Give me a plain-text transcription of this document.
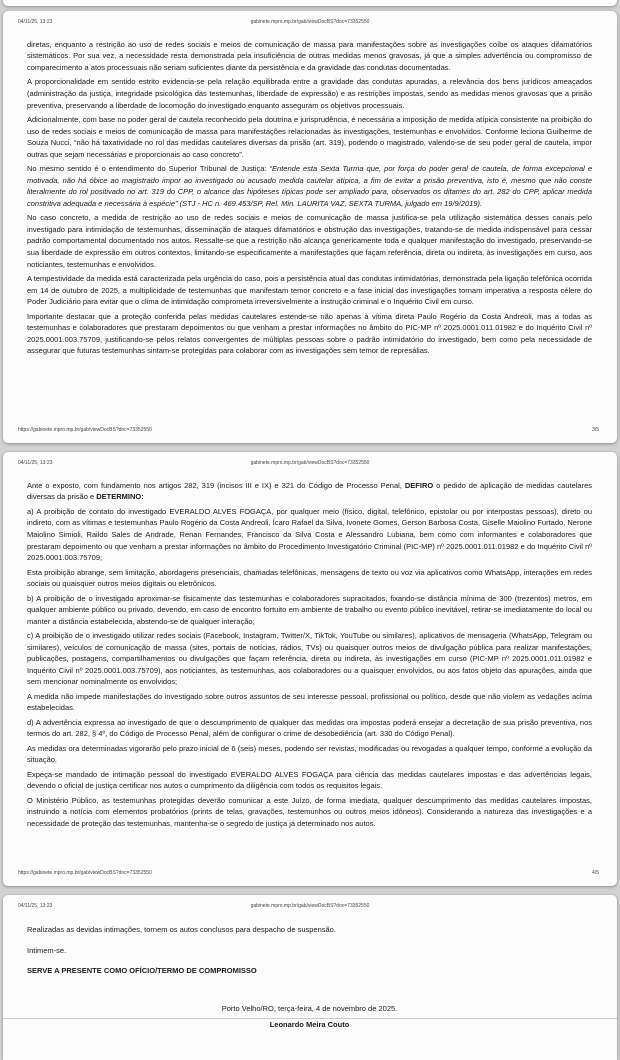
04/11/25, 13:23	gabinete.mpro.mp.br/gab/viewDocBS?doc=73352550

diretas, enquanto a restrição ao uso de redes sociais e meios de comunicação de massa para manifestações sobre as investigações coíbe os ataques difamatórios sistemáticos. Por sua vez, a necessidade resta demonstrada pela insuficiência de outras medidas menos gravosas, já que a simples advertência ou compromisso de comparecimento a atos processuais não seriam suficientes diante da persistência e da gravidade das condutas documentadas.

A proporcionalidade em sentido estrito evidencia-se pela relação equilibrada entre a gravidade das condutas apuradas, a relevância dos bens jurídicos ameaçados (administração da justiça, integridade psicológica das testemunhas, liberdade de expressão) e as restrições impostas, sendo as medidas menos gravosas que a prisão preventiva, preservando a liberdade de locomoção do investigado enquanto asseguram os objetivos processuais.

Adicionalmente, com base no poder geral de cautela reconhecido pela doutrina e jurisprudência, é necessária a imposição de medida atípica consistente na proibição do uso de redes sociais e meios de comunicação de massa para manifestações relacionadas às investigações, testemunhas e envolvidos. Conforme leciona Guilherme de Souza Nucci, “não há taxatividade no rol das medidas cautelares diversas da prisão (art. 319), podendo o magistrado, valendo-se de seu poder geral de cautela, impor outras que sejam necessárias e proporcionais ao caso concreto”.

No mesmo sentido é o entendimento do Superior Tribunal de Justiça: “Entende esta Sexta Turma que, por força do poder geral de cautela, de forma excepcional e motivada, não há óbice ao magistrado impor ao investigado ou acusado medida cautelar atípica, a fim de evitar a prisão preventiva, isto é, mesmo que não conste literalmente do rol positivado no art. 319 do CPP, o alcance das hipóteses típicas pode ser ampliado para, observados os ditames do art. 282 do CPP, aplicar medida constritiva adequada e necessária à espécie” (STJ - HC n. 469.453/SP, Rel. Min. LAURITA VAZ, SEXTA TURMA, julgado em 19/9/2019).

No caso concreto, a medida de restrição ao uso de redes sociais e meios de comunicação de massa justifica-se pela utilização sistemática desses canais pelo investigado para intimidação de testemunhas, disseminação de ataques difamatórios e obstrução das investigações, tratando-se de medida indispensável para cessar padrão comportamental documentado nos autos. Ressalte-se que a restrição não alcança genericamente toda e qualquer manifestação do investigado, preservando-se sua liberdade de expressão em outros contextos, limitando-se especificamente a manifestações que façam referência, direta ou indireta, às investigações em curso, aos noticiantes, testemunhas e envolvidos.

A tempestividade da medida está caracterizada pela urgência do caso, pois a persistência atual das condutas intimidatórias, demonstrada pela ligação telefônica ocorrida em 14 de outubro de 2025, a multiplicidade de testemunhas que manifestam temor concreto e a fase inicial das investigações tornam imperativa a resposta célere do Poder Judiciário para evitar que o clima de intimidação comprometa irreversivelmente a instrução criminal e o Inquérito Civil em curso.

Importante destacar que a proteção conferida pelas medidas cautelares estende-se não apenas à vítima direta Paulo Rogério da Costa Andreoli, mas a todas as testemunhas e colaboradores que prestaram depoimentos ou que venham a prestar informações no âmbito do PIC-MP nº 2025.0001.011.01982 e do Inquérito Civil nº 2025.0001.003.75709, justificando-se pelos relatos convergentes de múltiplas pessoas sobre o padrão intimidatório do investigado, bem como pela necessidade de assegurar que futuras testemunhas sintam-se protegidas para colaborar com as investigações sem temor de represálias.

https://gabinete.mpro.mp.br/gab/viewDocBS?doc=73352550	3/5
04/11/25, 13:23	gabinete.mpro.mp.br/gab/viewDocBS?doc=73352550

Ante o exposto, com fundamento nos artigos 282, 319 (incisos III e IX) e 321 do Código de Processo Penal, DEFIRO o pedido de aplicação de medidas cautelares diversas da prisão e DETERMINO:

a) A proibição de contato do investigado EVERALDO ALVES FOGAÇA, por qualquer meio (físico, digital, telefônico, epistolar ou por interpostas pessoas), direto ou indireto, com as vítimas e testemunhas Paulo Rogério da Costa Andreoli, Ícaro Rafael da Silva, Ivonete Gomes, Gerson Barbosa Costa, Giselle Maiolino Furtado, Nerone Maiolino Simioli, Raildo Sales de Andrade, Renan Fernandes, Francisco da Silva Costa e Alessandro Lubiana, bem como com informantes e colaboradores que prestaram depoimento ou que venham a prestar informações no âmbito do Procedimento Investigatório Criminal (PIC-MP) nº 2025.0001.011.01982 e do Inquérito Civil nº 2025.0001.003.75709;

Esta proibição abrange, sem limitação, abordagens presenciais, chamadas telefônicas, mensagens de texto ou voz via aplicativos como WhatsApp, interações em redes sociais ou quaisquer outros meios digitais ou eletrônicos.

b) A proibição de o investigado aproximar-se fisicamente das testemunhas e colaboradores supracitados, fixando-se distância mínima de 300 (trezentos) metros, em qualquer ambiente público ou privado, devendo, em caso de encontro fortuito em ambiente de trabalho ou evento público inevitável, retirar-se imediatamente do local ou manter a distância estabelecida, abstendo-se de qualquer interação;

c) A proibição de o investigado utilizar redes sociais (Facebook, Instagram, Twitter/X, TikTok, YouTube ou similares), aplicativos de mensageria (WhatsApp, Telegram ou similares), veículos de comunicação de massa (sites, portais de notícias, rádios, TVs) ou quaisquer outros meios de divulgação pública para realizar manifestações, publicações, postagens, compartilhamentos ou divulgações que façam referência, direta ou indireta, às investigações em curso (PIC-MP nº 2025.0001.011.01982 e Inquérito Civil nº 2025.0001.003.75709), aos noticiantes, às testemunhas, aos colaboradores ou a quaisquer envolvidos, ou aos fatos objeto das apurações, ainda que sem mencionar nominalmente os envolvidos;

A medida não impede manifestações do investigado sobre outros assuntos de seu interesse pessoal, profissional ou político, desde que não violem as vedações acima estabelecidas.

d) A advertência expressa ao investigado de que o descumprimento de qualquer das medidas ora impostas poderá ensejar a decretação de sua prisão preventiva, nos termos do art. 282, § 4º, do Código de Processo Penal, além de configurar o crime de desobediência (art. 330 do Código Penal).

As medidas ora determinadas vigorarão pelo prazo inicial de 6 (seis) meses, podendo ser revistas, modificadas ou revogadas a qualquer tempo, conforme a evolução da situação.

Expeça-se mandado de intimação pessoal do investigado EVERALDO ALVES FOGAÇA para ciência das medidas cautelares impostas e das advertências legais, devendo o oficial de justiça certificar nos autos o cumprimento da diligência com todos os requisitos legais.

O Ministério Público, as testemunhas protegidas deverão comunicar a este Juízo, de forma imediata, qualquer descumprimento das medidas cautelares impostas, instruindo a notícia com elementos probatórios (prints de telas, gravações, testemunhos ou outros meios idôneos). Considerando a natureza das investigações e a necessidade de proteção das testemunhas, mantenha-se o segredo de justiça já determinado nos autos.

https://gabinete.mpro.mp.br/gab/viewDocBS?doc=73352550	4/5
04/11/25, 13:23	gabinete.mpro.mp.br/gab/viewDocBS?doc=73352550

Realizadas as devidas intimações, tornem os autos conclusos para despacho de suspensão.

Intimem-se.

SERVE A PRESENTE COMO OFÍCIO/TERMO DE COMPROMISSO

Porto Velho/RO, terça-feira, 4 de novembro de 2025.

Leonardo Meira Couto
